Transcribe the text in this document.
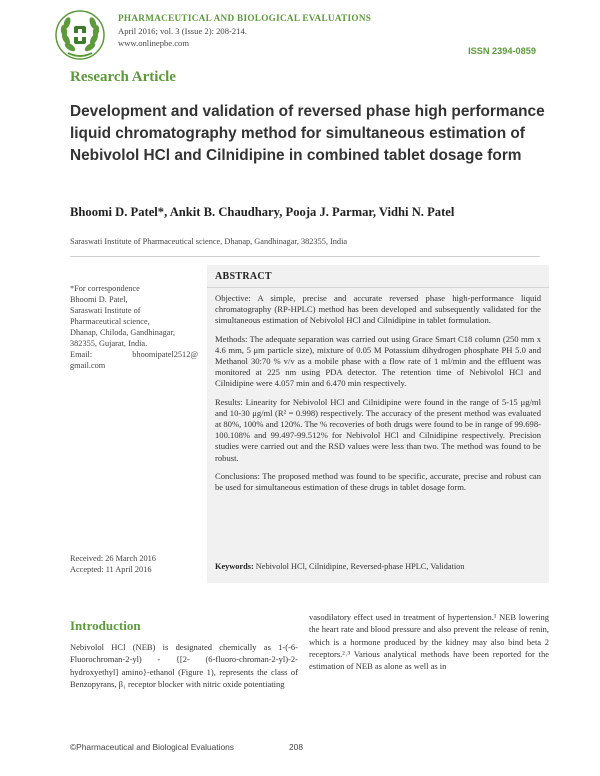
PHARMACEUTICAL AND BIOLOGICAL EVALUATIONS
April 2016; vol. 3 (Issue 2): 208-214.
www.onlinepbe.com
ISSN 2394-0859
Research Article
Development and validation of reversed phase high performance liquid chromatography method for simultaneous estimation of Nebivolol HCl and Cilnidipine in combined tablet dosage form
Bhoomi D. Patel*, Ankit B. Chaudhary, Pooja J. Parmar, Vidhi N. Patel
Saraswati Institute of Pharmaceutical science, Dhanap, Gandhinagar, 382355, India
*For correspondence
Bhoomi D. Patel,
Saraswati Institute of
Pharmaceutical science,
Dhanap, Chiloda, Gandhinagar,
382355, Gujarat, India.
Email:	bhoomipatel2512@
gmail.com
Received: 26 March 2016
Accepted: 11 April 2016
ABSTRACT

Objective: A simple, precise and accurate reversed phase high-performance liquid chromatography (RP-HPLC) method has been developed and subsequently validated for the simultaneous estimation of Nebivolol HCl and Cilnidipine in tablet formulation.

Methods: The adequate separation was carried out using Grace Smart C18 column (250 mm x 4.6 mm, 5 μm particle size), mixture of 0.05 M Potassium dihydrogen phosphate PH 5.0 and Methanol 30:70 % v/v as a mobile phase with a flow rate of 1 ml/min and the effluent was monitored at 225 nm using PDA detector. The retention time of Nebivolol HCl and Cilnidipine were 4.057 min and 6.470 min respectively.

Results: Linearity for Nebivolol HCl and Cilnidipine were found in the range of 5-15 μg/ml and 10-30 μg/ml (R² = 0.998) respectively. The accuracy of the present method was evaluated at 80%, 100% and 120%. The % recoveries of both drugs were found to be in range of 99.698-100.108% and 99.497-99.512% for Nebivolol HCl and Cilnidipine respectively. Precision studies were carried out and the RSD values were less than two. The method was found to be robust.

Conclusions: The proposed method was found to be specific, accurate, precise and robust can be used for simultaneous estimation of these drugs in tablet dosage form.

Keywords: Nebivolol HCl, Cilnidipine, Reversed-phase HPLC, Validation
Introduction
Nebivolol HCl (NEB) is designated chemically as 1-(-6-Fluorochroman-2-yl) - {[2- (6-fluoro-chroman-2-yl)-2-hydroxyethyl] amino}-ethanol (Figure 1), represents the class of Benzopyrans, β₁ receptor blocker with nitric oxide potentiating
vasodilatory effect used in treatment of hypertension.¹ NEB lowering the heart rate and blood pressure and also prevent the release of renin, which is a hormone produced by the kidney may also bind beta 2 receptors.²˒³ Various analytical methods have been reported for the estimation of NEB as alone as well as in
©Pharmaceutical and Biological Evaluations	208
